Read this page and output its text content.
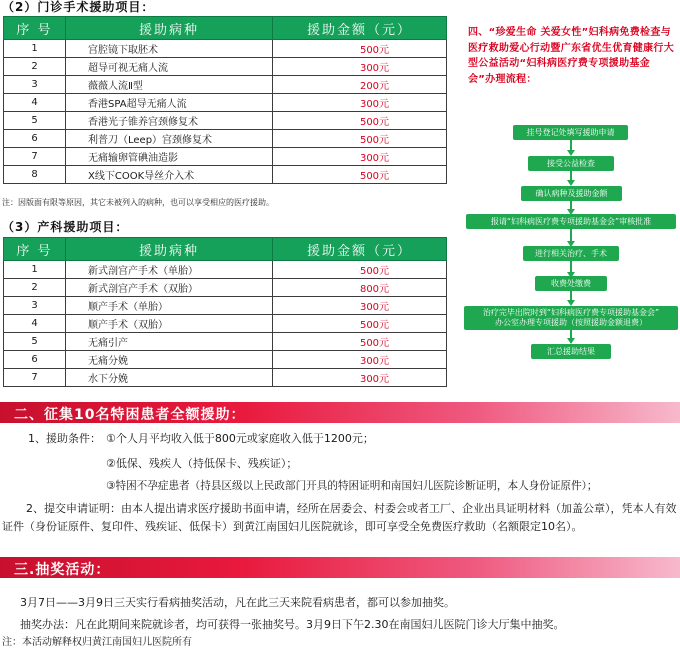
（2）门诊手术援助项目：
序 号	援助病种	援助金额（元）
1	宫腔镜下取胚术	500元
2	超导可视无痛人流	300元
3	薇薇人流Ⅱ型	200元
4	香港SPA超导无痛人流	300元
5	香港光子锥养宫颈修复术	500元
6	利普刀（Leep）宫颈修复术	500元
7	无痛输卵管碘油造影	300元
8	X线下COOK导丝介入术	500元
注：因版面有限等原因，其它未被列入的病种，也可以享受相应的医疗援助。
（3）产科援助项目：
序 号	援助病种	援助金额（元）
1	新式剖宫产手术（单胎）	500元
2	新式剖宫产手术（双胎）	800元
3	顺产手术（单胎）	300元
4	顺产手术（双胎）	500元
5	无痛引产	500元
6	无痛分娩	300元
7	水下分娩	300元
四、“珍爱生命 关爱女性”妇科病免费检查与医疗救助爱心行动暨广东省优生优育健康行大型公益活动“妇科病医疗费专项援助基金会”办理流程：
挂号登记处填写援助申请
接受公益检查
确认病种及援助金额
报请“妇科病医疗费专项援助基金会”审核批准
进行相关治疗、手术
收费处缴费
治疗完毕出院时到“妇科病医疗费专项援助基金会”
办公室办理专项援助（按照援助金额退费）
汇总援助结果
二、征集10名特困患者全额援助：
1、援助条件： ①个人月平均收入低于800元或家庭收入低于1200元；
②低保、残疾人（持低保卡、残疾证）；
③特困不孕症患者（持县区级以上民政部门开具的特困证明和南国妇儿医院诊断证明，本人身份证原件）；
2、提交申请证明：由本人提出请求医疗援助书面申请，经所在居委会、村委会或者工厂、企业出具证明材料（加盖公章），凭本人有效证件（身份证原件、复印件、残疾证、低保卡）到黄江南国妇儿医院就诊，即可享受全免费医疗救助（名额限定10名）。
三.抽奖活动：
3月7日——3月9日三天实行看病抽奖活动，凡在此三天来院看病患者，都可以参加抽奖。
抽奖办法：凡在此期间来院就诊者，均可获得一张抽奖号。3月9日下午2.30在南国妇儿医院门诊大厅集中抽奖。
注：本活动解释权归黄江南国妇儿医院所有
